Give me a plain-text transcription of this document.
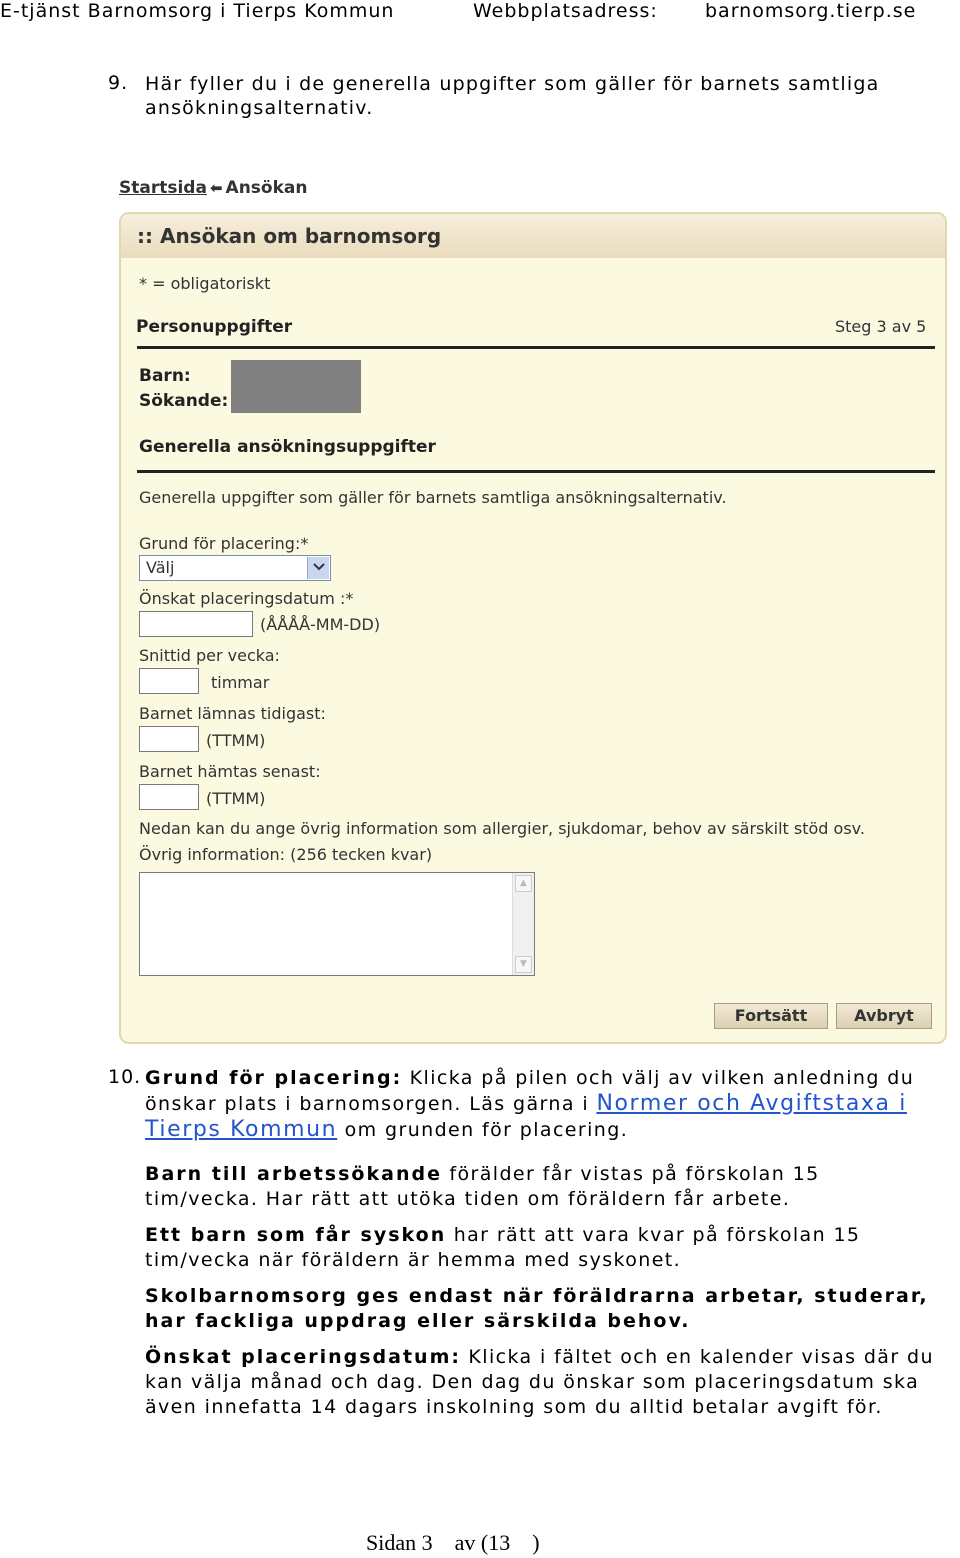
E-tjänst Barnomsorg i Tierps Kommun	Webbplatsadress: barnomsorg.tierp.se
9. Här fyller du i de generella uppgifter som gäller för barnets samtliga
ansökningsalternativ.
Startsida ⬅ Ansökan
:: Ansökan om barnomsorg
* = obligatoriskt
Personuppgifter	Steg 3 av 5
Barn:
Sökande:
Generella ansökningsuppgifter
Generella uppgifter som gäller för barnets samtliga ansökningsalternativ.
Grund för placering:*
Välj
Önskat placeringsdatum :*
(ÅÅÅÅ-MM-DD)
Snittid per vecka:
timmar
Barnet lämnas tidigast:
(TTMM)
Barnet hämtas senast:
(TTMM)
Nedan kan du ange övrig information som allergier, sjukdomar, behov av särskilt stöd osv.
Övrig information: (256 tecken kvar)
▲
▼
Fortsätt	Avbryt
10. Grund för placering: Klicka på pilen och välj av vilken anledning du önskar plats i barnomsorgen. Läs gärna i Normer och Avgiftstaxa i Tierps Kommun om grunden för placering.
Barn till arbetssökande förälder får vistas på förskolan 15 tim/vecka. Har rätt att utöka tiden om föräldern får arbete.
Ett barn som får syskon har rätt att vara kvar på förskolan 15 tim/vecka när föräldern är hemma med syskonet.
Skolbarnomsorg ges endast när föräldrarna arbetar, studerar, har fackliga uppdrag eller särskilda behov.
Önskat placeringsdatum: Klicka i fältet och en kalender visas där du kan välja månad och dag. Den dag du önskar som placeringsdatum ska även innefatta 14 dagars inskolning som du alltid betalar avgift för.
Sidan 3 av (13 )
